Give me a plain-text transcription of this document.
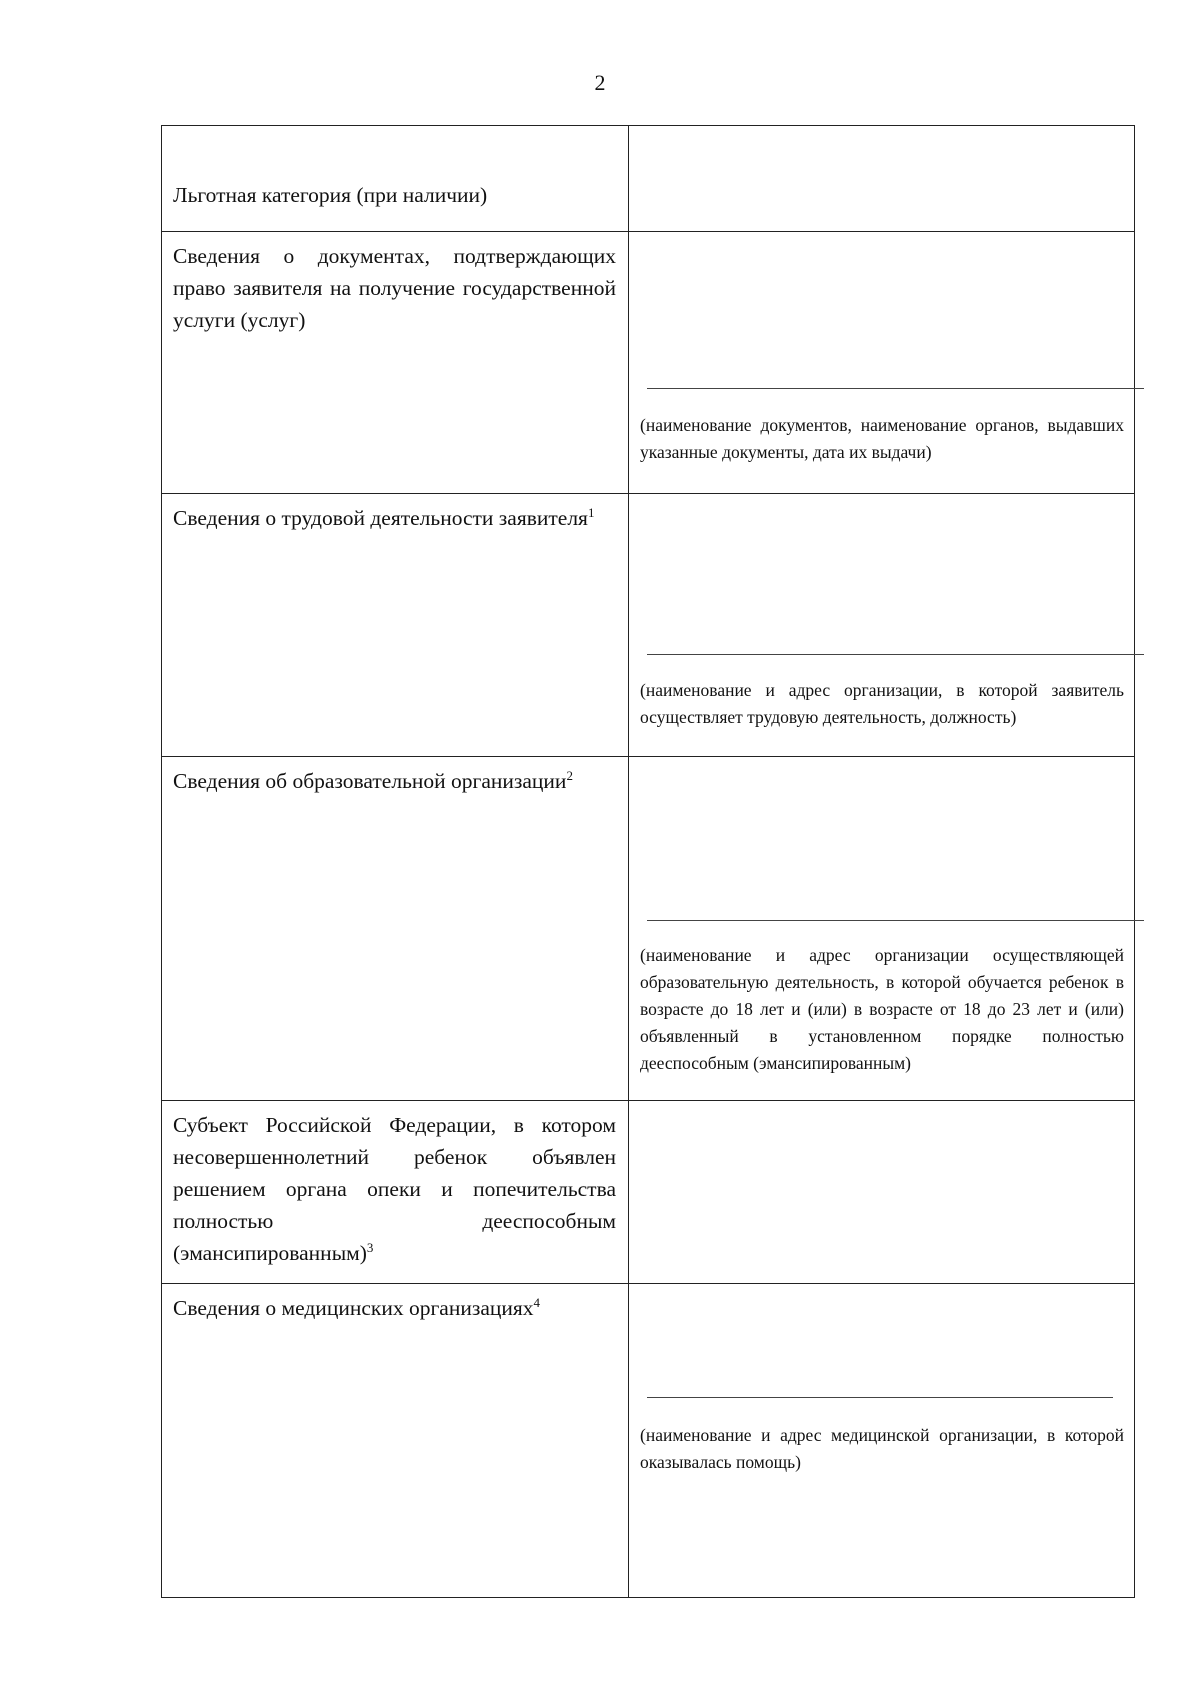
2
Льготная категория (при наличии)	
Сведения о документах, подтверждающих право заявителя на получение государственной услуги (услуг)	(наименование документов, наименование органов, выдавших указанные документы, дата их выдачи)

Сведения о трудовой деятельности заявителя$^1$	(наименование и адрес организации, в которой заявитель осуществляет трудовую деятельность, должность)

Сведения об образовательной организации$^2$	(наименование и адрес организации осуществляющей образовательную деятельность, в которой обучается ребенок в возрасте до 18 лет и (или) в возрасте от 18 до 23 лет и (или) объявленный в установленном порядке полностью дееспособным (эмансипированным)

Субъект Российской Федерации, в котором несовершеннолетний ребенок объявлен решением органа опеки и попечительства полностью дееспособным (эмансипированным)$^3$	
Сведения о медицинских организациях$^4$	(наименование и адрес медицинской организации, в которой оказывалась помощь)
